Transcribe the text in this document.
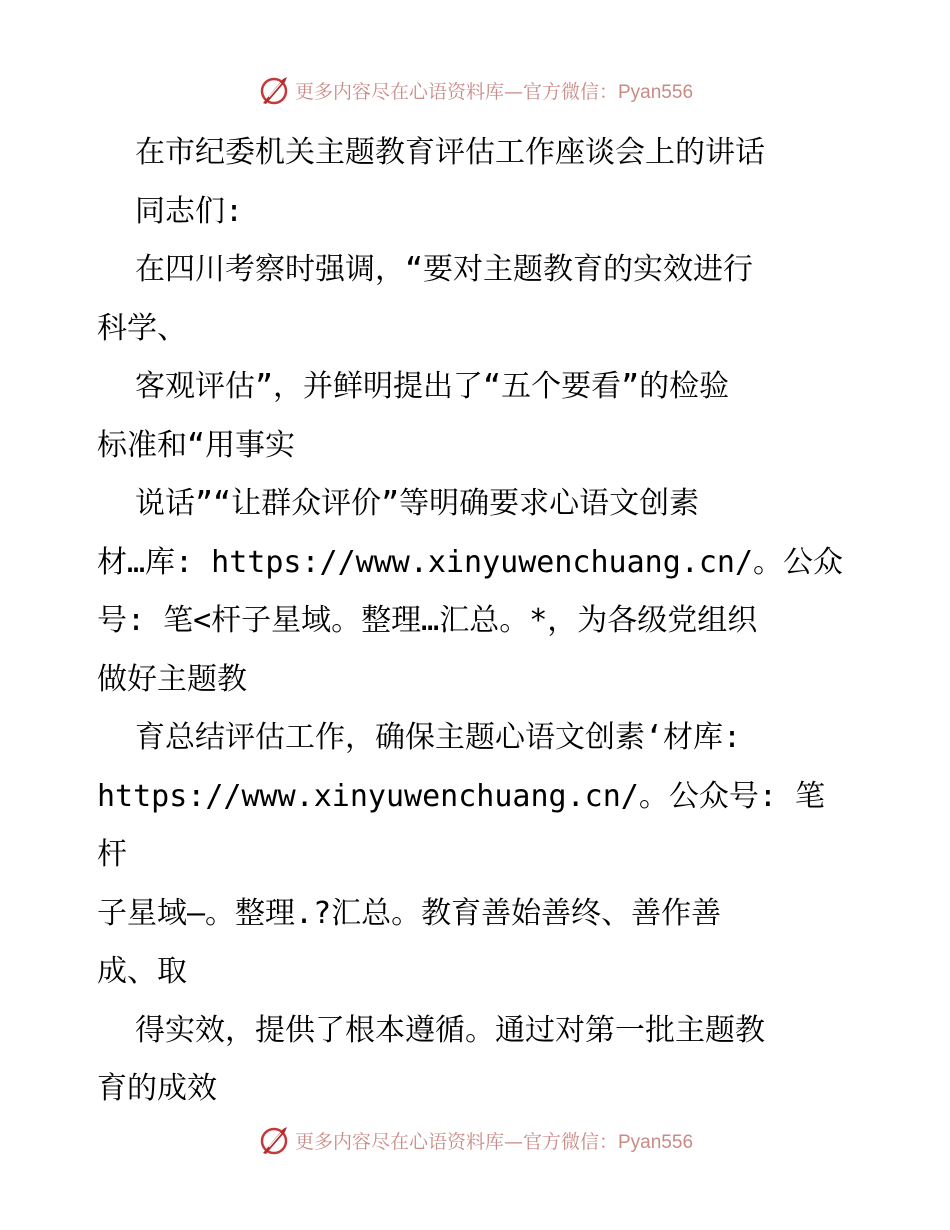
更多内容尽在心语资料库—官方微信：Pyan556

在市纪委机关主题教育评估工作座谈会上的讲话

同志们:

在四川考察时强调，“要对主题教育的实效进行

科学、

客观评估”，并鲜明提出了“五个要看”的检验

标准和“用事实

说话”“让群众评价”等明确要求心语文创素

材…库: https://www.xinyuwenchuang.cn/。公众

号: 笔<杆子星域。整理…汇总。*，为各级党组织

做好主题教

育总结评估工作，确保主题心语文创素‘材库:

https://www.xinyuwenchuang.cn/。公众号: 笔杆

子星域—。整理.?汇总。教育善始善终、善作善

成、取

得实效，提供了根本遵循。通过对第一批主题教

育的成效

更多内容尽在心语资料库—官方微信：Pyan556
